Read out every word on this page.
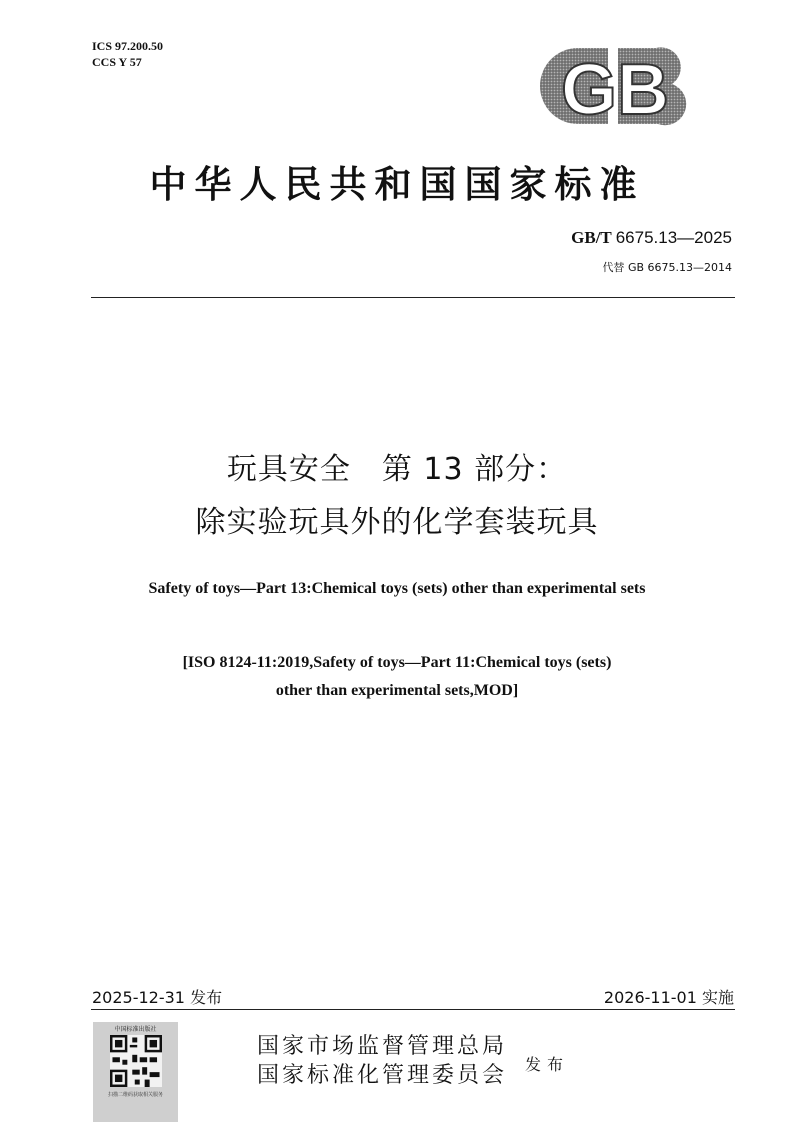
ICS 97.200.50
CCS Y 57	GB
中华人民共和国国家标准
GB/T 6675.13—2025
代替 GB 6675.13—2014
玩具安全　第 13 部分：
除实验玩具外的化学套装玩具
Safety of toys—Part 13:Chemical toys (sets) other than experimental sets
[ISO 8124-11:2019,Safety of toys—Part 11:Chemical toys (sets)
other than experimental sets,MOD]
2025-12-31 发布	2026-11-01 实施
中国标准出版社
扫描二维码获取相关服务
国家市场监督管理总局
国家标准化管理委员会 发布
